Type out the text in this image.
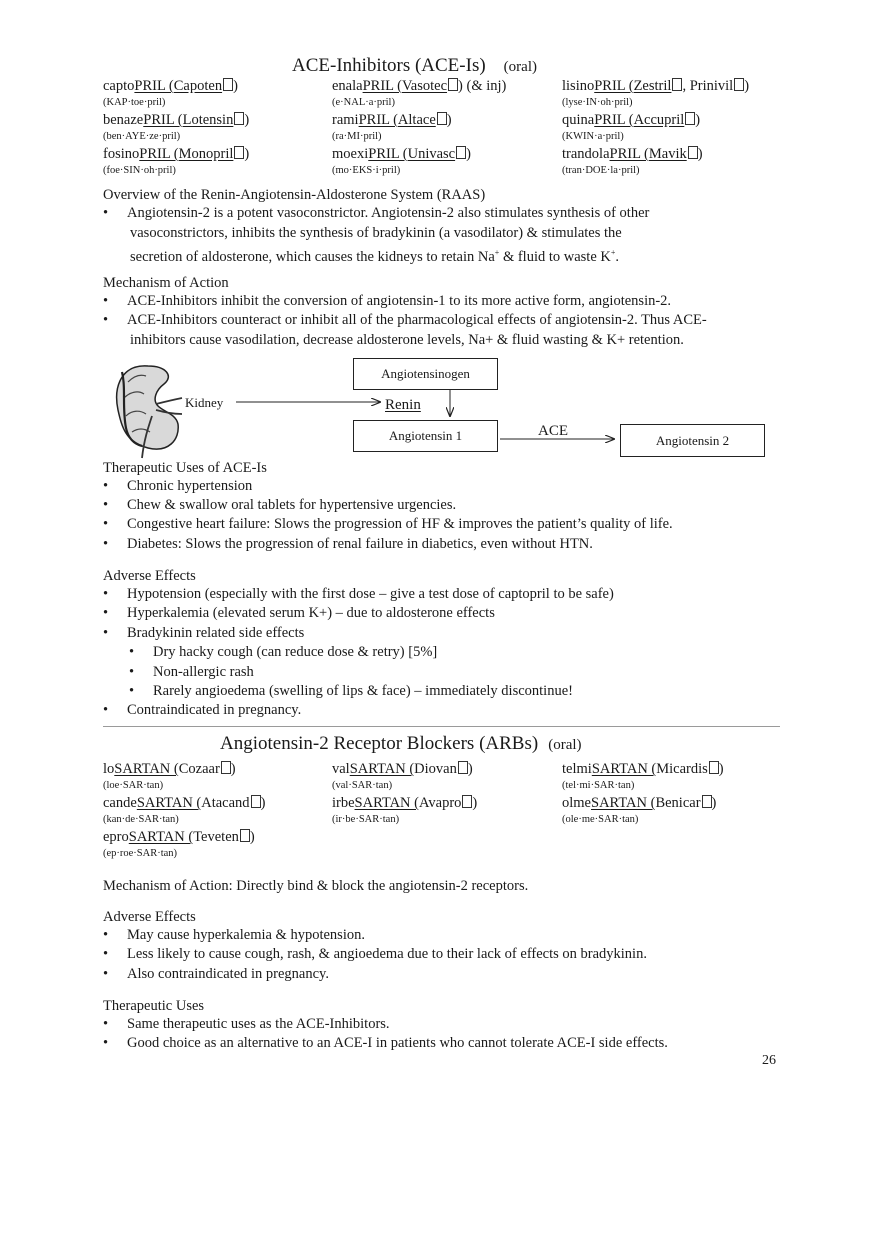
ACE-Inhibitors (ACE-Is) (oral)
captoPRIL (Capoten )
(KAP·toe·pril)
enalaPRIL (Vasotec ) (& inj)
(e·NAL·a·pril)
lisinoPRIL (Zestril , Prinivil )
(lyse·IN·oh·pril)
benazePRIL (Lotensin )
(ben·AYE·ze·pril)
ramiPRIL (Altace )
(ra·MI·pril)
quinaPRIL (Accupril )
(KWIN·a·pril)
fosinoPRIL (Monopril )
(foe·SIN·oh·pril)
moexiPRIL (Univasc )
(mo·EKS·i·pril)
trandolaPRIL (Mavik )
(tran·DOE·la·pril)
Overview of the Renin-Angiotensin-Aldosterone System (RAAS)
• Angiotensin-2 is a potent vasoconstrictor. Angiotensin-2 also stimulates synthesis of other
vasoconstrictors, inhibits the synthesis of bradykinin (a vasodilator) & stimulates the
secretion of aldosterone, which causes the kidneys to retain Na+ & fluid to waste K+.
Mechanism of Action
• ACE-Inhibitors inhibit the conversion of angiotensin-1 to its more active form, angiotensin-2.
• ACE-Inhibitors counteract or inhibit all of the pharmacological effects of angiotensin-2. Thus ACE-
inhibitors cause vasodilation, decrease aldosterone levels, Na+ & fluid wasting & K+ retention.
Kidney
Angiotensinogen
Renin
Angiotensin 1	ACE
Angiotensin 2
Therapeutic Uses of ACE-Is
• Chronic hypertension
• Chew & swallow oral tablets for hypertensive urgencies.
• Congestive heart failure: Slows the progression of HF & improves the patient’s quality of life.
• Diabetes: Slows the progression of renal failure in diabetics, even without HTN.
Adverse Effects
• Hypotension (especially with the first dose – give a test dose of captopril to be safe)
• Hyperkalemia (elevated serum K+) – due to aldosterone effects
• Bradykinin related side effects
• Dry hacky cough (can reduce dose & retry) [5%]
• Non-allergic rash
• Rarely angioedema (swelling of lips & face) – immediately discontinue!
• Contraindicated in pregnancy.
Angiotensin-2 Receptor Blockers (ARBs) (oral)
loSARTAN (Cozaar )
(loe·SAR·tan)
valSARTAN (Diovan )
(val·SAR·tan)
telmiSARTAN (Micardis )
(tel·mi·SAR·tan)
candeSARTAN (Atacand )
(kan·de·SAR·tan)
irbeSARTAN (Avapro )
(ir·be·SAR·tan)
olmeSARTAN (Benicar )
(ole·me·SAR·tan)
eproSARTAN (Teveten )
(ep·roe·SAR·tan)
Mechanism of Action: Directly bind & block the angiotensin-2 receptors.
Adverse Effects
• May cause hyperkalemia & hypotension.
• Less likely to cause cough, rash, & angioedema due to their lack of effects on bradykinin.
• Also contraindicated in pregnancy.
Therapeutic Uses
• Same therapeutic uses as the ACE-Inhibitors.
• Good choice as an alternative to an ACE-I in patients who cannot tolerate ACE-I side effects.
26
